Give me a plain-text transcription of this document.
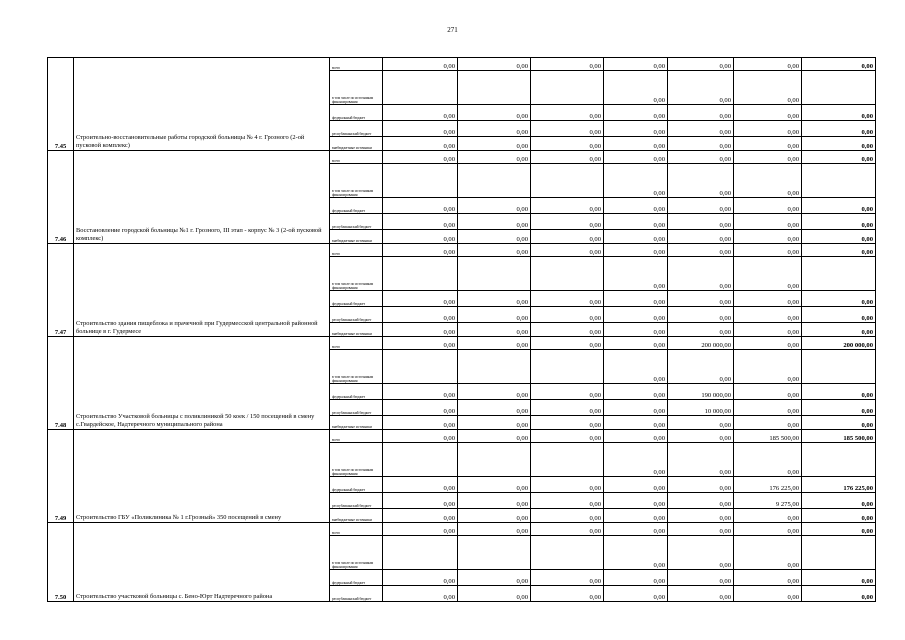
271
7.45	Строительно-восстановительные работы городской больницы № 4 г. Грозного (2-ой пусковой комплекс)	всего	0,00	0,00	0,00	0,00	0,00	0,00	0,00
		в том числе по источникам финансирования				0,00	0,00	0,00	
		федеральный бюджет	0,00	0,00	0,00	0,00	0,00	0,00	0,00
		республиканский бюджет	0,00	0,00	0,00	0,00	0,00	0,00	0,00
		внебюджетные источники	0,00	0,00	0,00	0,00	0,00	0,00	0,00
7.46	Восстановление городской больницы №1 г. Грозного, III этап - корпус № 3 (2-ой пусковой комплекс)	всего	0,00	0,00	0,00	0,00	0,00	0,00	0,00
		в том числе по источникам финансирования				0,00	0,00	0,00	
		федеральный бюджет	0,00	0,00	0,00	0,00	0,00	0,00	0,00
		республиканский бюджет	0,00	0,00	0,00	0,00	0,00	0,00	0,00
		внебюджетные источники	0,00	0,00	0,00	0,00	0,00	0,00	0,00
7.47	Строительство здания пищеблока и прачечной при Гудермесской центральной районной больнице в г. Гудермесе	всего	0,00	0,00	0,00	0,00	0,00	0,00	0,00
		в том числе по источникам финансирования				0,00	0,00	0,00	
		федеральный бюджет	0,00	0,00	0,00	0,00	0,00	0,00	0,00
		республиканский бюджет	0,00	0,00	0,00	0,00	0,00	0,00	0,00
		внебюджетные источники	0,00	0,00	0,00	0,00	0,00	0,00	0,00
7.48	Строительство Участковой больницы с поликлиникой 50 коек / 150 посещений в смену с.Гвардейское, Надтеречного муниципального района	всего	0,00	0,00	0,00	0,00	200 000,00	0,00	200 000,00
		в том числе по источникам финансирования				0,00	0,00	0,00	
		федеральный бюджет	0,00	0,00	0,00	0,00	190 000,00	0,00	0,00
		республиканский бюджет	0,00	0,00	0,00	0,00	10 000,00	0,00	0,00
		внебюджетные источники	0,00	0,00	0,00	0,00	0,00	0,00	0,00
7.49	Строительство ГБУ «Поликлиника № 1 г.Грозный» 350 посещений в смену	всего	0,00	0,00	0,00	0,00	0,00	185 500,00	185 500,00
		в том числе по источникам финансирования				0,00	0,00	0,00	
		федеральный бюджет	0,00	0,00	0,00	0,00	0,00	176 225,00	176 225,00
		республиканский бюджет	0,00	0,00	0,00	0,00	0,00	9 275,00	0,00
		внебюджетные источники	0,00	0,00	0,00	0,00	0,00	0,00	0,00
7.50	Строительство участковой больницы с. Бено-Юрт Надтеречного района	всего	0,00	0,00	0,00	0,00	0,00	0,00	0,00
		в том числе по источникам финансирования				0,00	0,00	0,00	
		федеральный бюджет	0,00	0,00	0,00	0,00	0,00	0,00	0,00
		республиканский бюджет	0,00	0,00	0,00	0,00	0,00	0,00	0,00
